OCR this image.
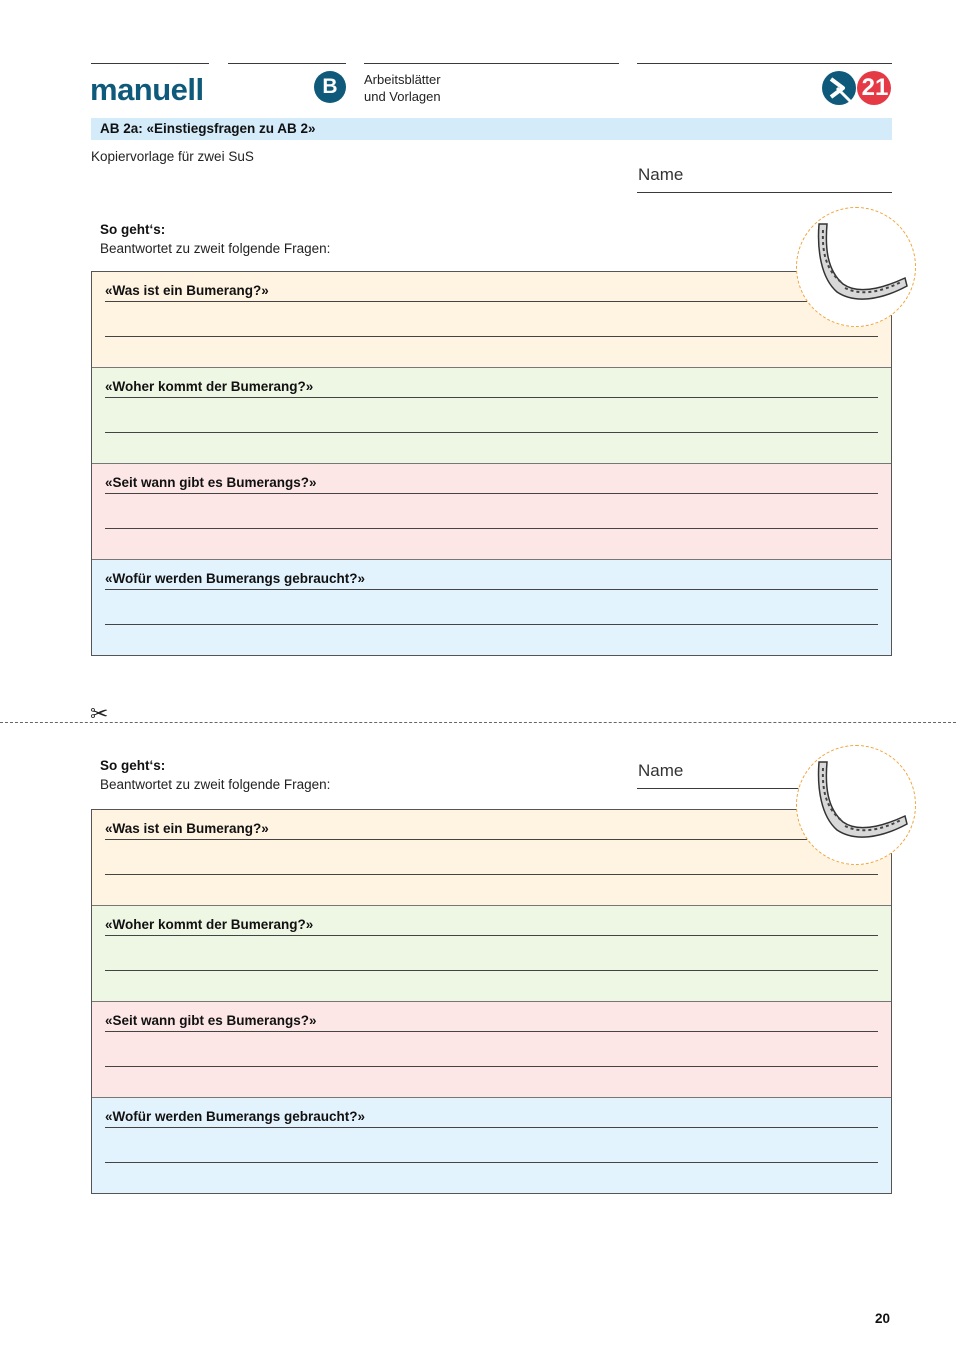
manuell	B	Arbeitsblätter
und Vorlagen	21
AB 2a: «Einstiegsfragen zu AB 2»
Kopiervorlage für zwei SuS
Name
So geht‘s:
Beantwortet zu zweit folgende Fragen:
«Was ist ein Bumerang?»
«Woher kommt der Bumerang?»
«Seit wann gibt es Bumerangs?»
«Wofür werden Bumerangs gebraucht?»
✂
Name
So geht‘s:
Beantwortet zu zweit folgende Fragen:
«Was ist ein Bumerang?»
«Woher kommt der Bumerang?»
«Seit wann gibt es Bumerangs?»
«Wofür werden Bumerangs gebraucht?»
20
